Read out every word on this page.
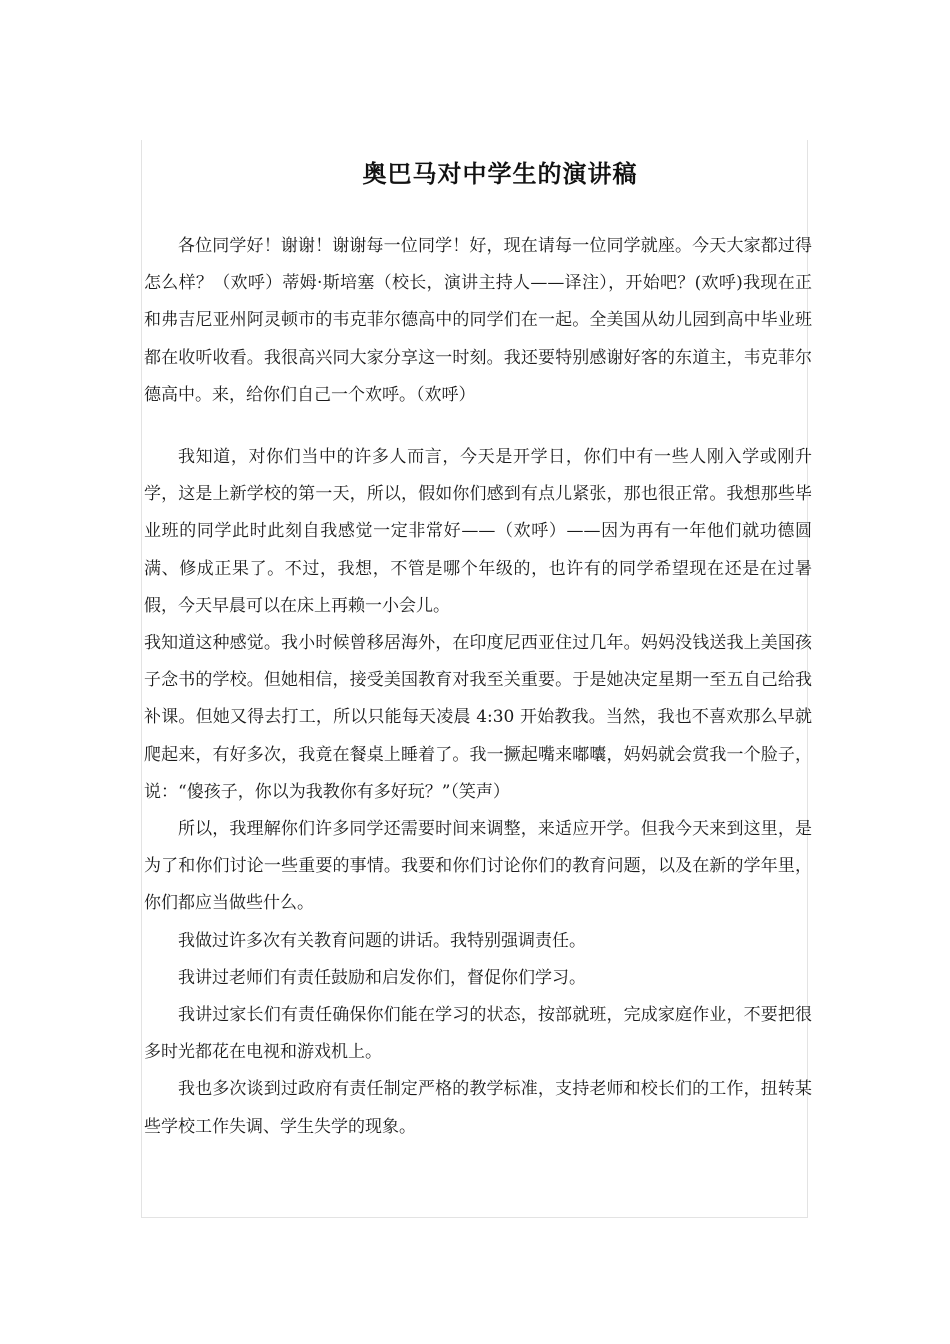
奥巴马对中学生的演讲稿

各位同学好！谢谢！谢谢每一位同学！好，现在请每一位同学就座。今天大家都过得怎么样？（欢呼）蒂姆·斯培塞（校长，演讲主持人——译注），开始吧？(欢呼)我现在正和弗吉尼亚州阿灵顿市的韦克菲尔德高中的同学们在一起。全美国从幼儿园到高中毕业班都在收听收看。我很高兴同大家分享这一时刻。我还要特别感谢好客的东道主，韦克菲尔德高中。来，给你们自己一个欢呼。（欢呼）

我知道，对你们当中的许多人而言，今天是开学日，你们中有一些人刚入学或刚升学，这是上新学校的第一天，所以，假如你们感到有点儿紧张，那也很正常。我想那些毕业班的同学此时此刻自我感觉一定非常好——（欢呼）——因为再有一年他们就功德圆满、修成正果了。不过，我想，不管是哪个年级的，也许有的同学希望现在还是在过暑假，今天早晨可以在床上再赖一小会儿。

我知道这种感觉。我小时候曾移居海外，在印度尼西亚住过几年。妈妈没钱送我上美国孩子念书的学校。但她相信，接受美国教育对我至关重要。于是她决定星期一至五自己给我补课。但她又得去打工，所以只能每天凌晨 4:30 开始教我。当然，我也不喜欢那么早就爬起来，有好多次，我竟在餐桌上睡着了。我一撅起嘴来嘟囔，妈妈就会赏我一个脸子，说：“傻孩子，你以为我教你有多好玩？”（笑声）

所以，我理解你们许多同学还需要时间来调整，来适应开学。但我今天来到这里，是为了和你们讨论一些重要的事情。我要和你们讨论你们的教育问题，以及在新的学年里，你们都应当做些什么。

我做过许多次有关教育问题的讲话。我特别强调责任。

我讲过老师们有责任鼓励和启发你们，督促你们学习。

我讲过家长们有责任确保你们能在学习的状态，按部就班，完成家庭作业，不要把很多时光都花在电视和游戏机上。

我也多次谈到过政府有责任制定严格的教学标准，支持老师和校长们的工作，扭转某些学校工作失调、学生失学的现象。
